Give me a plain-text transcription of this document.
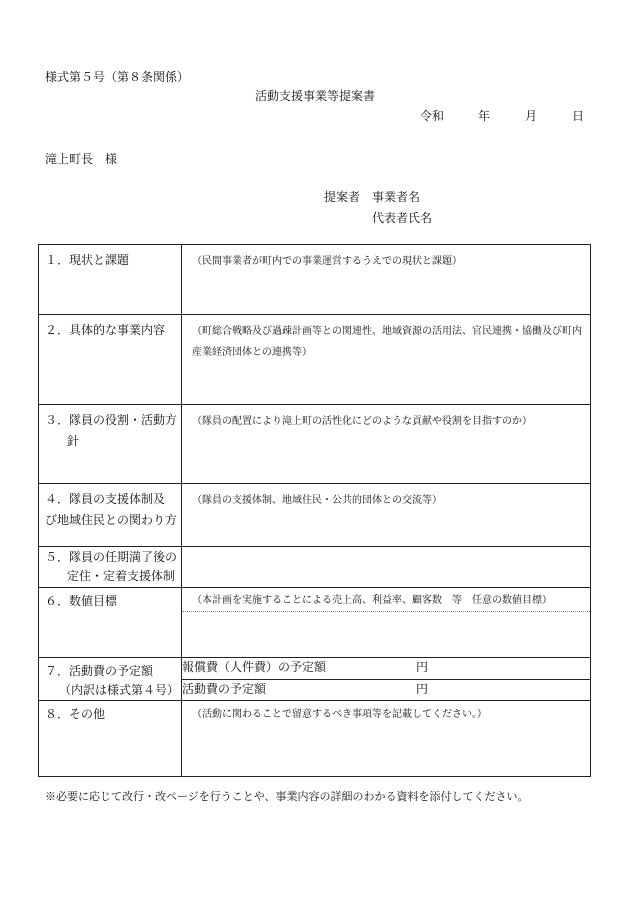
様式第５号（第８条関係）
活動支援事業等提案書
令和	年	月	日
滝上町長　様
提案者　 事業者名
代表者氏名
１．現状と課題	（民間事業者が町内での事業運営するうえでの現状と課題）

２．具体的な事業内容	（町総合戦略及び過疎計画等との関連性、地域資源の活用法、官民連携・協働及び町内産業経済団体との連携等）

３．隊員の役割・活動方
針	（隊員の配置により滝上町の活性化にどのような貢献や役割を目指すのか）

４．隊員の支援体制及
び地域住民との関わり方	（隊員の支援体制、地域住民・公共的団体との交流等）

５．隊員の任期満了後の
定住・定着支援体制	

６．数値目標	（本計画を実施することによる売上高、利益率、顧客数　等　任意の数値目標）

７．活動費の予定額
（内訳は様式第４号）	報償費（人件費）の予定額 円
	活動費の予定額 円

８．その他	（活動に関わることで留意するべき事項等を記載してください。）
※必要に応じて改行・改ページを行うことや、事業内容の詳細のわかる資料を添付してください。
